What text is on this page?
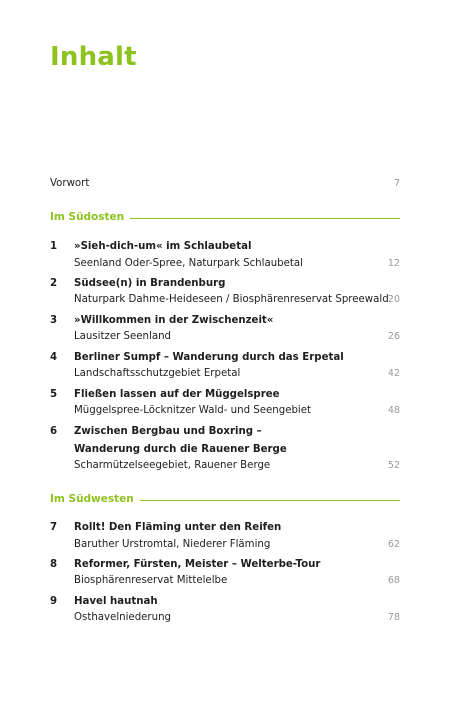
Inhalt
Vorwort	7
Im Südosten
1 »Sieh-dich-um« im Schlaubetal
Seenland Oder-Spree, Naturpark Schlaubetal	12
2 Südsee(n) in Brandenburg
Naturpark Dahme-Heideseen / Biosphärenreservat Spreewald 20
3 »Willkommen in der Zwischenzeit«
Lausitzer Seenland	26
4 Berliner Sumpf – Wanderung durch das Erpetal
Landschaftsschutzgebiet Erpetal	42
5 Fließen lassen auf der Müggelspree
Müggelspree-Löcknitzer Wald- und Seengebiet	48
6 Zwischen Bergbau und Boxring –
Wanderung durch die Rauener Berge
Scharmützelseegebiet, Rauener Berge	52
Im Südwesten
7 Rollt! Den Fläming unter den Reifen
Baruther Urstromtal, Niederer Fläming	62
8 Reformer, Fürsten, Meister – Welterbe-Tour
Biosphärenreservat Mittelelbe	68
9 Havel hautnah
Osthavelniederung	78
